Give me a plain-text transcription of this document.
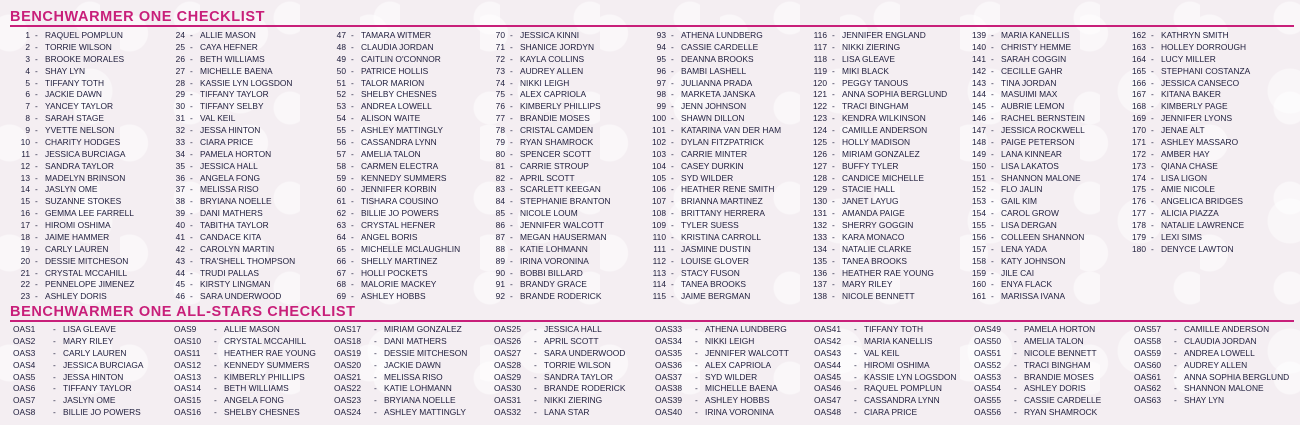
BENCHWARMER ONE CHECKLIST
1 - RAQUEL POMPLUN
2 - TORRIE WILSON
3 - BROOKE MORALES
4 - SHAY LYN
5 - TIFFANY TOTH
6 - JACKIE DAWN
7 - YANCEY TAYLOR
8 - SARAH STAGE
9 - YVETTE NELSON
10 - CHARITY HODGES
11 - JESSICA BURCIAGA
12 - SANDRA TAYLOR
13 - MADELYN BRINSON
14 - JASLYN OME
15 - SUZANNE STOKES
16 - GEMMA LEE FARRELL
17 - HIROMI OSHIMA
18 - JAIME HAMMER
19 - CARLY LAUREN
20 - DESSIE MITCHESON
21 - CRYSTAL MCCAHILL
22 - PENNELOPE JIMENEZ
23 - ASHLEY DORIS
24 - ALLIE MASON
25 - CAYA HEFNER
26 - BETH WILLIAMS
27 - MICHELLE BAENA
28 - KASSIE LYN LOGSDON
29 - TIFFANY TAYLOR
30 - TIFFANY SELBY
31 - VAL KEIL
32 - JESSA HINTON
33 - CIARA PRICE
34 - PAMELA HORTON
35 - JESSICA HALL
36 - ANGELA FONG
37 - MELISSA RISO
38 - BRYIANA NOELLE
39 - DANI MATHERS
40 - TABITHA TAYLOR
41 - CANDACE KITA
42 - CAROLYN MARTIN
43 - TRA'SHELL THOMPSON
44 - TRUDI PALLAS
45 - KIRSTY LINGMAN
46 - SARA UNDERWOOD
47 - TAMARA WITMER
48 - CLAUDIA JORDAN
49 - CAITLIN O'CONNOR
50 - PATRICE HOLLIS
51 - TALOR MARION
52 - SHELBY CHESNES
53 - ANDREA LOWELL
54 - ALISON WAITE
55 - ASHLEY MATTINGLY
56 - CASSANDRA LYNN
57 - AMELIA TALON
58 - CARMEN ELECTRA
59 - KENNEDY SUMMERS
60 - JENNIFER KORBIN
61 - TISHARA COUSINO
62 - BILLIE JO POWERS
63 - CRYSTAL HEFNER
64 - ANGEL BORIS
65 - MICHELLE MCLAUGHLIN
66 - SHELLY MARTINEZ
67 - HOLLI POCKETS
68 - MALORIE MACKEY
69 - ASHLEY HOBBS
70 - JESSICA KINNI
71 - SHANICE JORDYN
72 - KAYLA COLLINS
73 - AUDREY ALLEN
74 - NIKKI LEIGH
75 - ALEX CAPRIOLA
76 - KIMBERLY PHILLIPS
77 - BRANDIE MOSES
78 - CRISTAL CAMDEN
79 - RYAN SHAMROCK
80 - SPENCER SCOTT
81 - CARRIE STROUP
82 - APRIL SCOTT
83 - SCARLETT KEEGAN
84 - STEPHANIE BRANTON
85 - NICOLE LOUM
86 - JENNIFER WALCOTT
87 - MEGAN HAUSERMAN
88 - KATIE LOHMANN
89 - IRINA VORONINA
90 - BOBBI BILLARD
91 - BRANDY GRACE
92 - BRANDE RODERICK
93 - ATHENA LUNDBERG
94 - CASSIE CARDELLE
95 - DEANNA BROOKS
96 - BAMBI LASHELL
97 - JULIANNA PRADA
98 - MARKETA JANSKA
99 - JENN JOHNSON
100 - SHAWN DILLON
101 - KATARINA VAN DER HAM
102 - DYLAN FITZPATRICK
103 - CARRIE MINTER
104 - CASEY DURKIN
105 - SYD WILDER
106 - HEATHER RENE SMITH
107 - BRIANNA MARTINEZ
108 - BRITTANY HERRERA
109 - TYLER SUESS
110 - KRISTINA CARROLL
111 - JASMINE DUSTIN
112 - LOUISE GLOVER
113 - STACY FUSON
114 - TANEA BROOKS
115 - JAIME BERGMAN
116 - JENNIFER ENGLAND
117 - NIKKI ZIERING
118 - LISA GLEAVE
119 - MIKI BLACK
120 - PEGGY TANOUS
121 - ANNA SOPHIA BERGLUND
122 - TRACI BINGHAM
123 - KENDRA WILKINSON
124 - CAMILLE ANDERSON
125 - HOLLY MADISON
126 - MIRIAM GONZALEZ
127 - BUFFY TYLER
128 - CANDICE MICHELLE
129 - STACIE HALL
130 - JANET LAYUG
131 - AMANDA PAIGE
132 - SHERRY GOGGIN
133 - KARA MONACO
134 - NATALIE CLARKE
135 - TANEA BROOKS
136 - HEATHER RAE YOUNG
137 - MARY RILEY
138 - NICOLE BENNETT
139 - MARIA KANELLIS
140 - CHRISTY HEMME
141 - SARAH COGGIN
142 - CECILLE GAHR
143 - TINA JORDAN
144 - MASUIMI MAX
145 - AUBRIE LEMON
146 - RACHEL BERNSTEIN
147 - JESSICA ROCKWELL
148 - PAIGE PETERSON
149 - LANA KINNEAR
150 - LISA LAKATOS
151 - SHANNON MALONE
152 - FLO JALIN
153 - GAIL KIM
154 - CAROL GROW
155 - LISA DERGAN
156 - COLLEEN SHANNON
157 - LENA YADA
158 - KATY JOHNSON
159 - JILE CAI
160 - ENYA FLACK
161 - MARISSA IVANA
162 - KATHRYN SMITH
163 - HOLLEY DORROUGH
164 - LUCY MILLER
165 - STEPHANI COSTANZA
166 - JESSICA CANSECO
167 - KITANA BAKER
168 - KIMBERLY PAGE
169 - JENNIFER LYONS
170 - JENAE ALT
171 - ASHLEY MASSARO
172 - AMBER HAY
173 - QIANA CHASE
174 - LISA LIGON
175 - AMIE NICOLE
176 - ANGELICA BRIDGES
177 - ALICIA PIAZZA
178 - NATALIE LAWRENCE
179 - LEXI SIMS
180 - DENYCE LAWTON
BENCHWARMER ONE ALL-STARS CHECKLIST
OAS1	- LISA GLEAVE
OAS2	- MARY RILEY
OAS3	- CARLY LAUREN
OAS4	- JESSICA BURCIAGA
OAS5	- JESSA HINTON
OAS6	- TIFFANY TAYLOR
OAS7	- JASLYN OME
OAS8	- BILLIE JO POWERS
OAS9	- ALLIE MASON
OAS10	- CRYSTAL MCCAHILL
OAS11	- HEATHER RAE YOUNG
OAS12	- KENNEDY SUMMERS
OAS13	- KIMBERLY PHILLIPS
OAS14	- BETH WILLIAMS
OAS15	- ANGELA FONG
OAS16	- SHELBY CHESNES
OAS17	- MIRIAM GONZALEZ
OAS18	- DANI MATHERS
OAS19	- DESSIE MITCHESON
OAS20	- JACKIE DAWN
OAS21	- MELISSA RISO
OAS22	- KATIE LOHMANN
OAS23	- BRYIANA NOELLE
OAS24	- ASHLEY MATTINGLY
OAS25	- JESSICA HALL
OAS26	- APRIL SCOTT
OAS27	- SARA UNDERWOOD
OAS28	- TORRIE WILSON
OAS29	- SANDRA TAYLOR
OAS30	- BRANDE RODERICK
OAS31	- NIKKI ZIERING
OAS32	- LANA STAR
OAS33	- ATHENA LUNDBERG
OAS34	- NIKKI LEIGH
OAS35	- JENNIFER WALCOTT
OAS36	- ALEX CAPRIOLA
OAS37	- SYD WILDER
OAS38	- MICHELLE BAENA
OAS39	- ASHLEY HOBBS
OAS40	- IRINA VORONINA
OAS41	- TIFFANY TOTH
OAS42	- MARIA KANELLIS
OAS43	- VAL KEIL
OAS44	- HIROMI OSHIMA
OAS45	- KASSIE LYN LOGSDON
OAS46	- RAQUEL POMPLUN
OAS47	- CASSANDRA LYNN
OAS48	- CIARA PRICE
OAS49	- PAMELA HORTON
OAS50	- AMELIA TALON
OAS51	- NICOLE BENNETT
OAS52	- TRACI BINGHAM
OAS53	- BRANDIE MOSES
OAS54	- ASHLEY DORIS
OAS55	- CASSIE CARDELLE
OAS56	- RYAN SHAMROCK
OAS57	- CAMILLE ANDERSON
OAS58	- CLAUDIA JORDAN
OAS59	- ANDREA LOWELL
OAS60	- AUDREY ALLEN
OAS61	- ANNA SOPHIA BERGLUND
OAS62	- SHANNON MALONE
OAS63	- SHAY LYN
